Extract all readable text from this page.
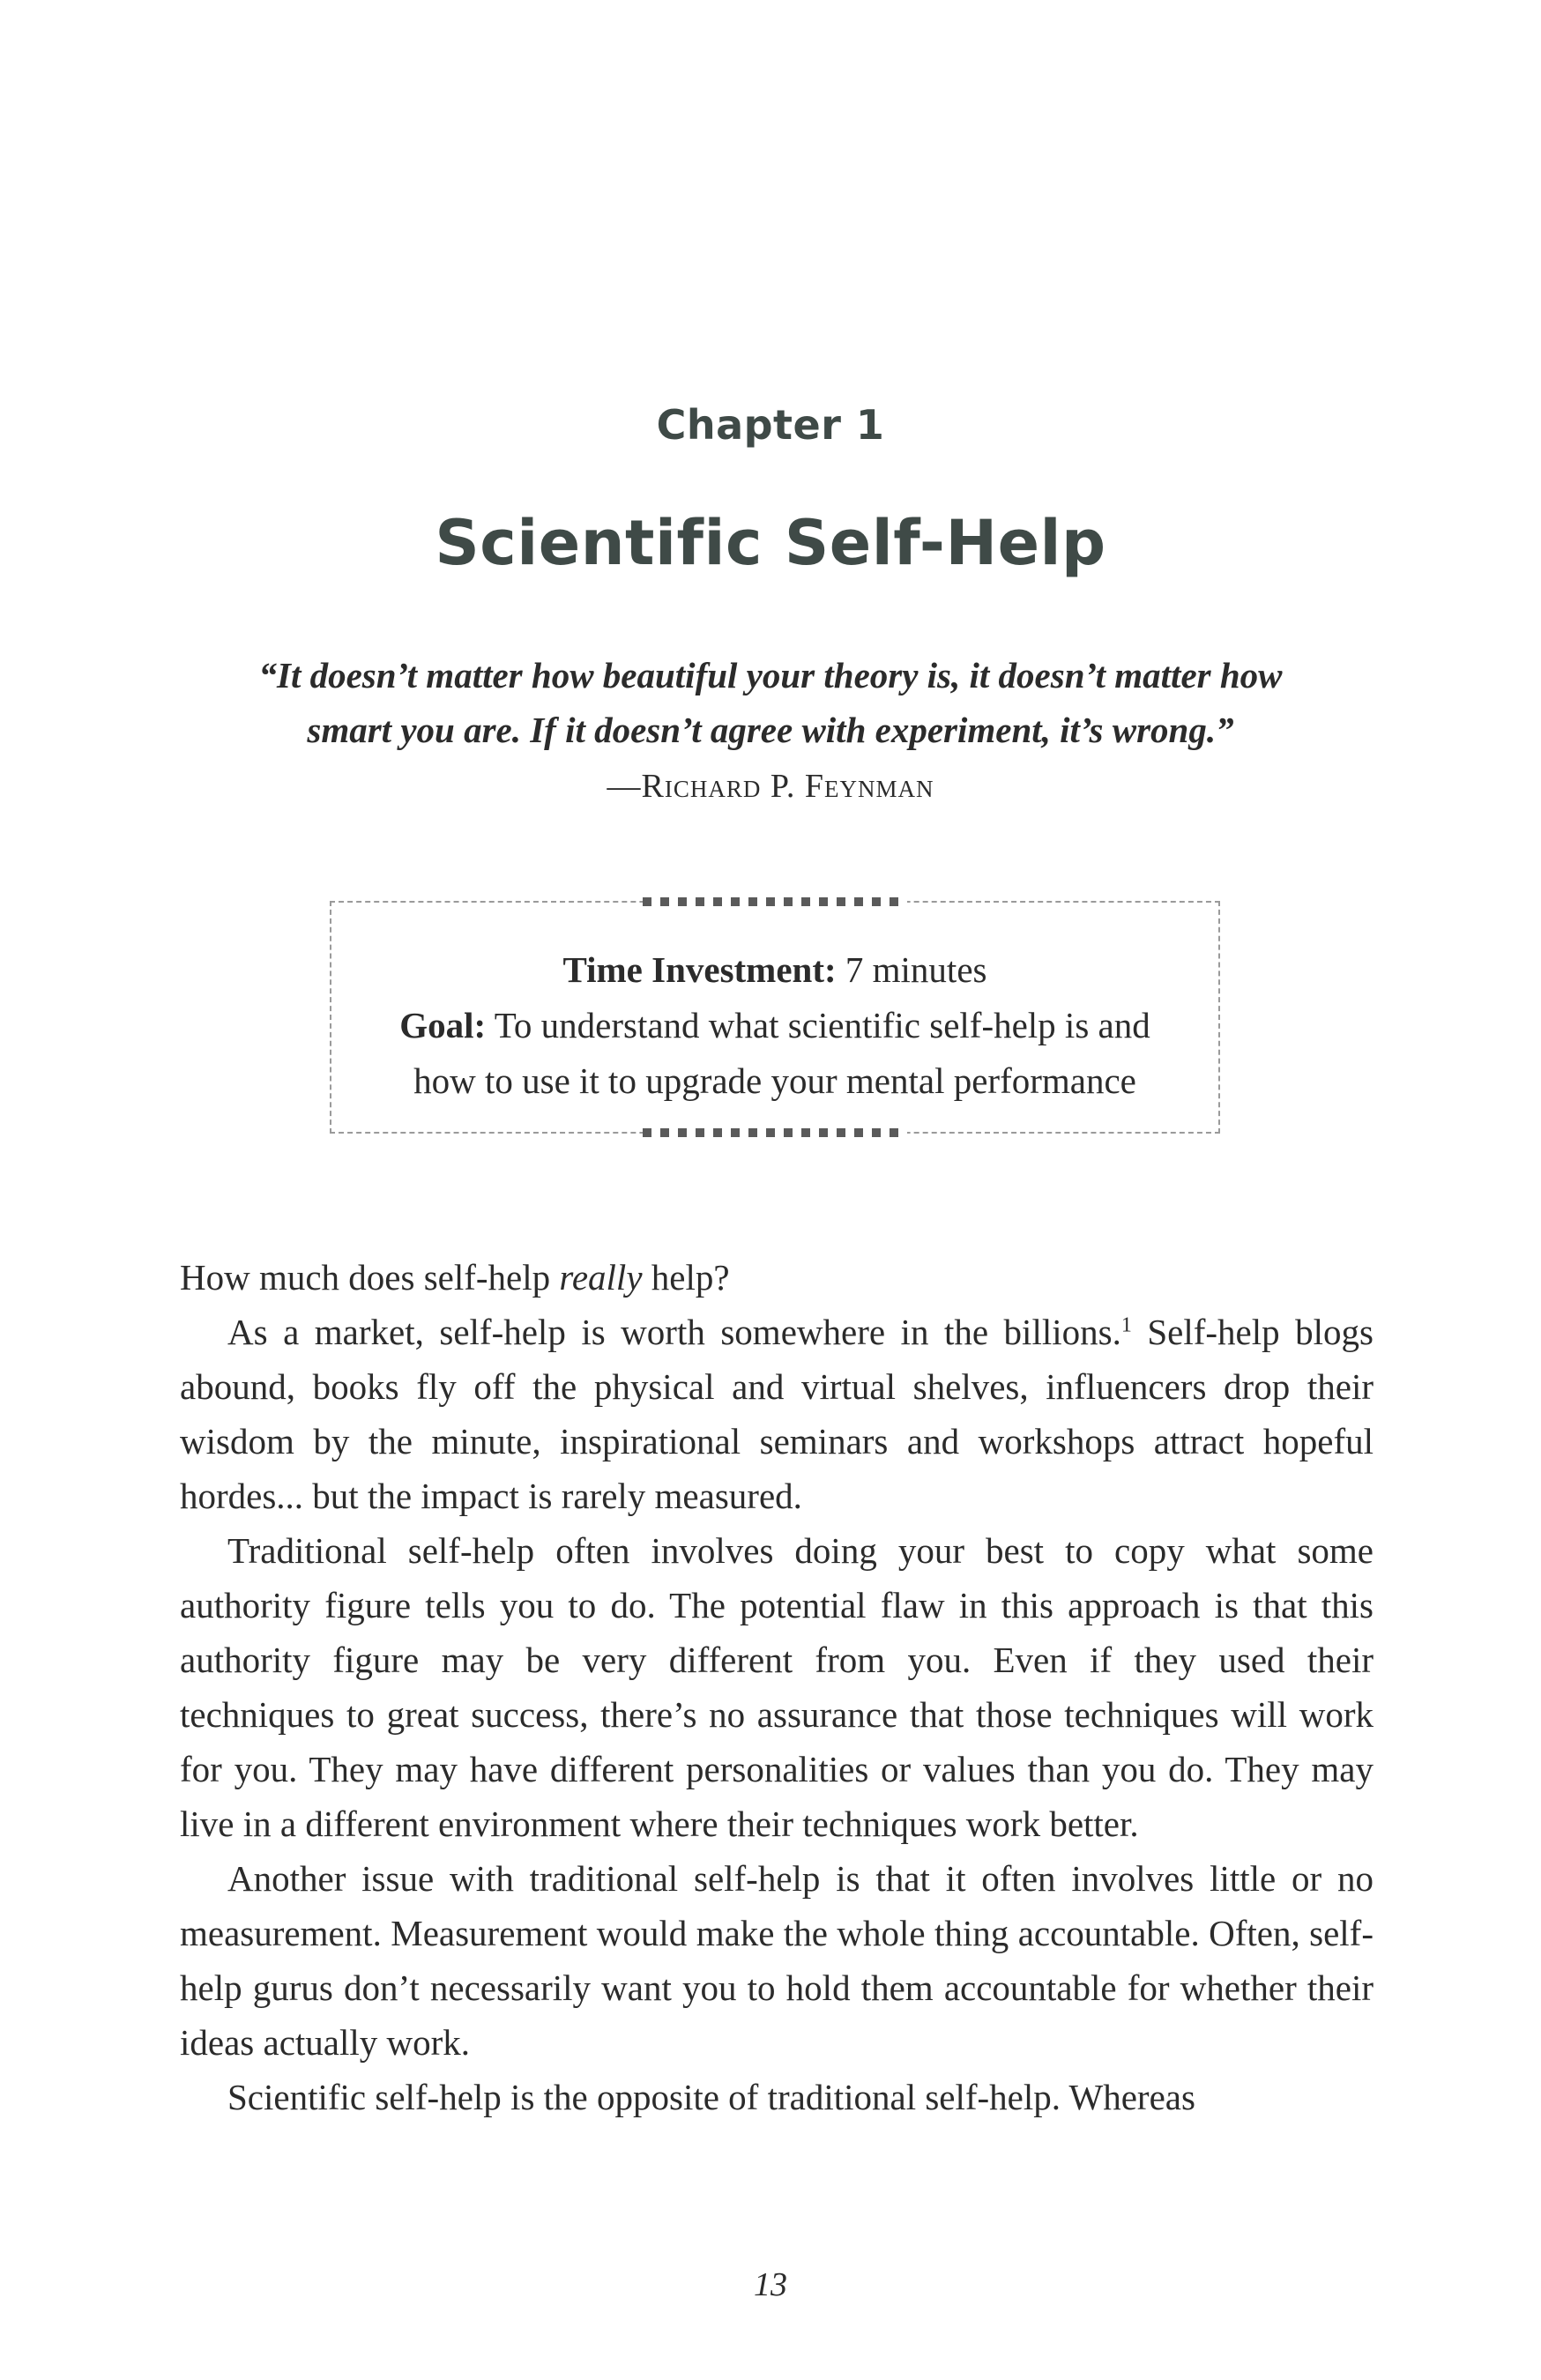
Chapter 1
Scientific Self-Help
“It doesn’t matter how beautiful your theory is, it doesn’t matter how
smart you are. If it doesn’t agree with experiment, it’s wrong.”
—Richard P. Feynman
Time Investment: 7 minutes
Goal: To understand what scientific self-help is and
how to use it to upgrade your mental performance

How much does self-help really help?

As a market, self-help is worth somewhere in the billions.$^1$ Self-help blogs abound, books fly off the physical and virtual shelves, influencers drop their wisdom by the minute, inspirational seminars and workshops attract hopeful hordes... but the impact is rarely measured.

Traditional self-help often involves doing your best to copy what some authority figure tells you to do. The potential flaw in this approach is that this authority figure may be very different from you. Even if they used their techniques to great success, there’s no assurance that those techniques will work for you. They may have different personalities or values than you do. They may live in a different environment where their techniques work better.

Another issue with traditional self-help is that it often involves little or no measurement. Measurement would make the whole thing accountable. Often, self-help gurus don’t necessarily want you to hold them accountable for whether their ideas actually work.

Scientific self-help is the opposite of traditional self-help. Whereas

13
